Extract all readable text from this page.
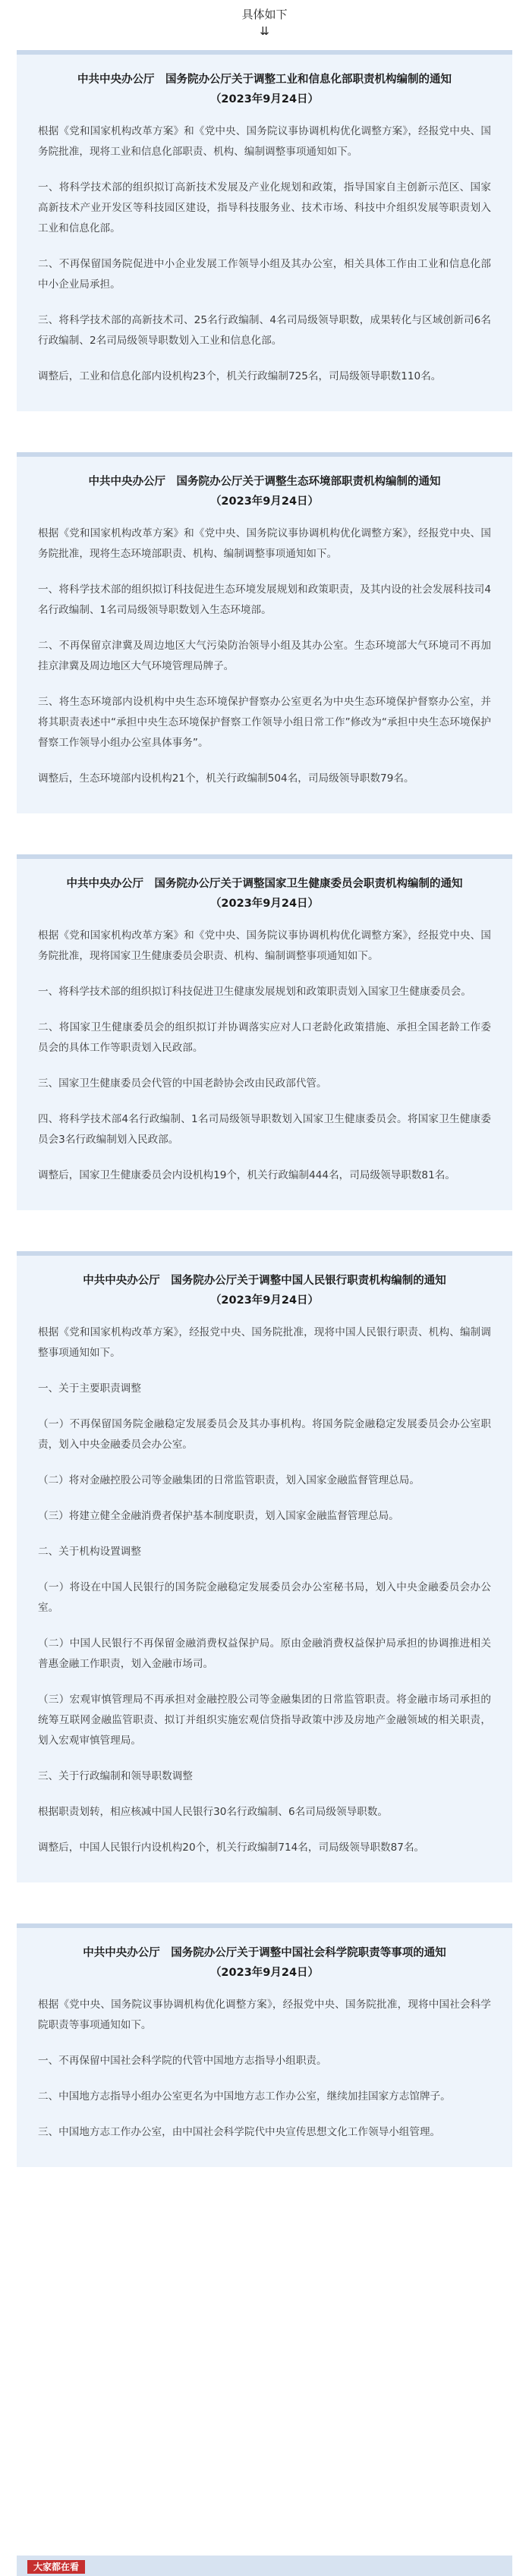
具体如下
⇊
中共中央办公厅　国务院办公厅关于调整工业和信息化部职责机构编制的通知
（2023年9月24日）

根据《党和国家机构改革方案》和《党中央、国务院议事协调机构优化调整方案》，经报党中央、国务院批准，现将工业和信息化部职责、机构、编制调整事项通知如下。

一、将科学技术部的组织拟订高新技术发展及产业化规划和政策，指导国家自主创新示范区、国家高新技术产业开发区等科技园区建设，指导科技服务业、技术市场、科技中介组织发展等职责划入工业和信息化部。

二、不再保留国务院促进中小企业发展工作领导小组及其办公室，相关具体工作由工业和信息化部中小企业局承担。

三、将科学技术部的高新技术司、25名行政编制、4名司局级领导职数，成果转化与区域创新司6名行政编制、2名司局级领导职数划入工业和信息化部。

调整后，工业和信息化部内设机构23个，机关行政编制725名，司局级领导职数110名。

中共中央办公厅　国务院办公厅关于调整生态环境部职责机构编制的通知
（2023年9月24日）

根据《党和国家机构改革方案》和《党中央、国务院议事协调机构优化调整方案》，经报党中央、国务院批准，现将生态环境部职责、机构、编制调整事项通知如下。

一、将科学技术部的组织拟订科技促进生态环境发展规划和政策职责，及其内设的社会发展科技司4名行政编制、1名司局级领导职数划入生态环境部。

二、不再保留京津冀及周边地区大气污染防治领导小组及其办公室。生态环境部大气环境司不再加挂京津冀及周边地区大气环境管理局牌子。

三、将生态环境部内设机构中央生态环境保护督察办公室更名为中央生态环境保护督察办公室，并将其职责表述中“承担中央生态环境保护督察工作领导小组日常工作”修改为“承担中央生态环境保护督察工作领导小组办公室具体事务”。

调整后，生态环境部内设机构21个，机关行政编制504名，司局级领导职数79名。

中共中央办公厅　国务院办公厅关于调整国家卫生健康委员会职责机构编制的通知
（2023年9月24日）

根据《党和国家机构改革方案》和《党中央、国务院议事协调机构优化调整方案》，经报党中央、国务院批准，现将国家卫生健康委员会职责、机构、编制调整事项通知如下。

一、将科学技术部的组织拟订科技促进卫生健康发展规划和政策职责划入国家卫生健康委员会。

二、将国家卫生健康委员会的组织拟订并协调落实应对人口老龄化政策措施、承担全国老龄工作委员会的具体工作等职责划入民政部。

三、国家卫生健康委员会代管的中国老龄协会改由民政部代管。

四、将科学技术部4名行政编制、1名司局级领导职数划入国家卫生健康委员会。将国家卫生健康委员会3名行政编制划入民政部。

调整后，国家卫生健康委员会内设机构19个，机关行政编制444名，司局级领导职数81名。

中共中央办公厅　国务院办公厅关于调整中国人民银行职责机构编制的通知
（2023年9月24日）

根据《党和国家机构改革方案》，经报党中央、国务院批准，现将中国人民银行职责、机构、编制调整事项通知如下。

一、关于主要职责调整

（一）不再保留国务院金融稳定发展委员会及其办事机构。将国务院金融稳定发展委员会办公室职责，划入中央金融委员会办公室。

（二）将对金融控股公司等金融集团的日常监管职责，划入国家金融监督管理总局。

（三）将建立健全金融消费者保护基本制度职责，划入国家金融监督管理总局。

二、关于机构设置调整

（一）将设在中国人民银行的国务院金融稳定发展委员会办公室秘书局，划入中央金融委员会办公室。

（二）中国人民银行不再保留金融消费权益保护局。原由金融消费权益保护局承担的协调推进相关普惠金融工作职责，划入金融市场司。

（三）宏观审慎管理局不再承担对金融控股公司等金融集团的日常监管职责。将金融市场司承担的统筹互联网金融监管职责、拟订并组织实施宏观信贷指导政策中涉及房地产金融领域的相关职责，划入宏观审慎管理局。

三、关于行政编制和领导职数调整

根据职责划转，相应核减中国人民银行30名行政编制、6名司局级领导职数。

调整后，中国人民银行内设机构20个，机关行政编制714名，司局级领导职数87名。

中共中央办公厅　国务院办公厅关于调整中国社会科学院职责等事项的通知
（2023年9月24日）

根据《党中央、国务院议事协调机构优化调整方案》，经报党中央、国务院批准，现将中国社会科学院职责等事项通知如下。

一、不再保留中国社会科学院的代管中国地方志指导小组职责。

二、中国地方志指导小组办公室更名为中国地方志工作办公室，继续加挂国家方志馆牌子。

三、中国地方志工作办公室，由中国社会科学院代中央宣传思想文化工作领导小组管理。

大家都在看
